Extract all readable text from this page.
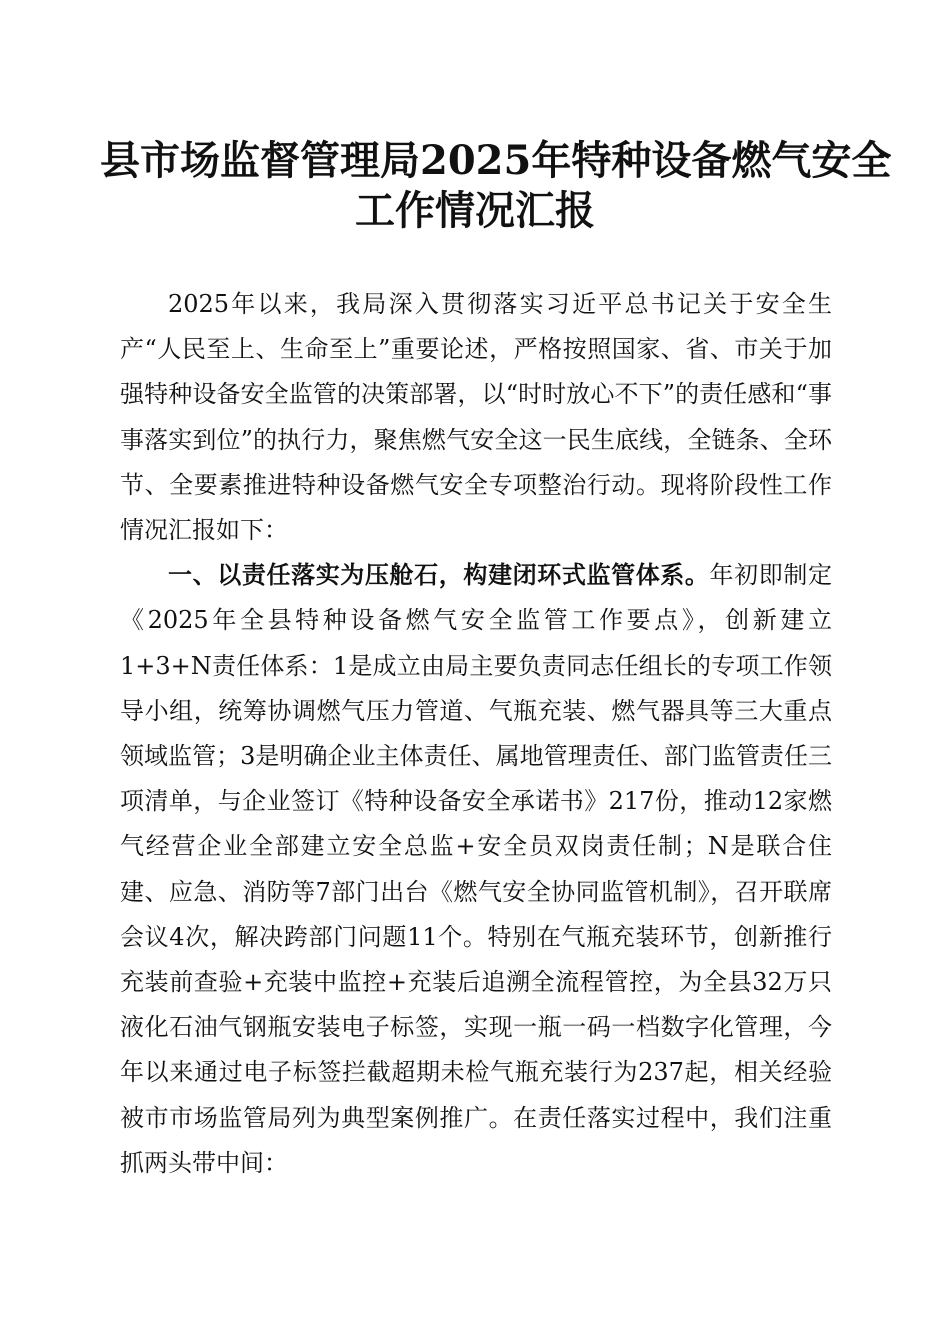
县市场监督管理局2025年特种设备燃气安全
工作情况汇报

2025年以来，我局深入贯彻落实习近平总书记关于安全生产“人民至上、生命至上”重要论述，严格按照国家、省、市关于加强特种设备安全监管的决策部署，以“时时放心不下”的责任感和“事事落实到位”的执行力，聚焦燃气安全这一民生底线，全链条、全环节、全要素推进特种设备燃气安全专项整治行动。现将阶段性工作情况汇报如下：

一、以责任落实为压舱石，构建闭环式监管体系。年初即制定《2025年全县特种设备燃气安全监管工作要点》，创新建立1+3+N责任体系：1是成立由局主要负责同志任组长的专项工作领导小组，统筹协调燃气压力管道、气瓶充装、燃气器具等三大重点领域监管；3是明确企业主体责任、属地管理责任、部门监管责任三项清单，与企业签订《特种设备安全承诺书》217份，推动12家燃气经营企业全部建立安全总监+安全员双岗责任制；N是联合住建、应急、消防等7部门出台《燃气安全协同监管机制》，召开联席会议4次，解决跨部门问题11个。特别在气瓶充装环节，创新推行充装前查验+充装中监控+充装后追溯全流程管控，为全县32万只液化石油气钢瓶安装电子标签，实现一瓶一码一档数字化管理，今年以来通过电子标签拦截超期未检气瓶充装行为237起，相关经验被市市场监管局列为典型案例推广。在责任落实过程中，我们注重抓两头带中间：
